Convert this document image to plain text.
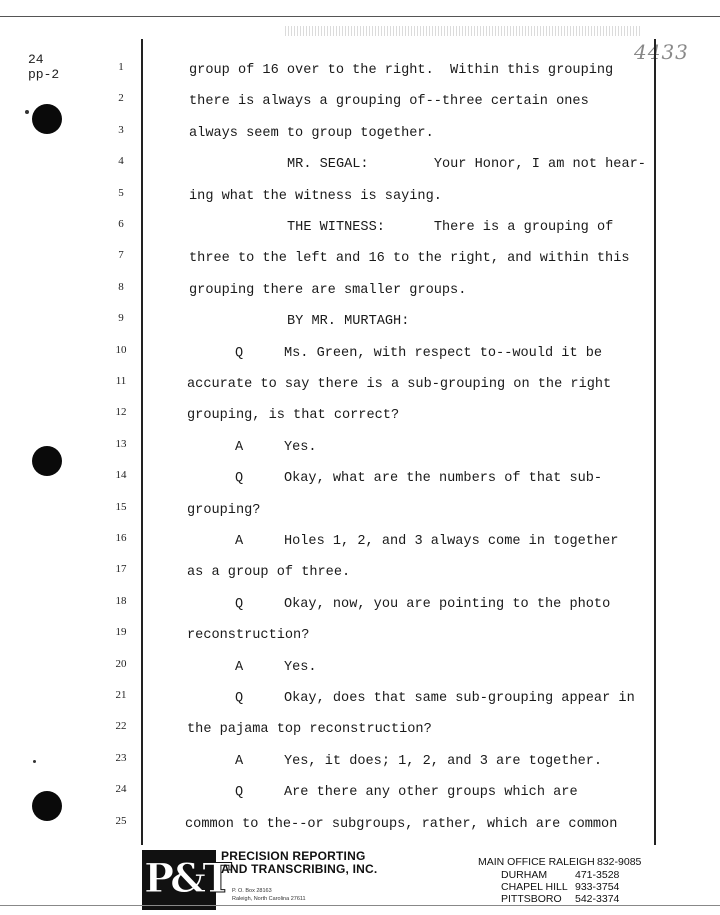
4433
24
pp-2	1
2
3
4
5
6
7
8
9
10
11
12
13
14
15
16
17
18
19
20
21
22
23
24
25
group of 16 over to the right.  Within this grouping
there is always a grouping of--three certain ones
always seem to group together.
MR. SEGAL:        Your Honor, I am not hear-
ing what the witness is saying.
THE WITNESS:      There is a grouping of
three to the left and 16 to the right, and within this
grouping there are smaller groups.
BY MR. MURTAGH:
Q     Ms. Green, with respect to--would it be
accurate to say there is a sub-grouping on the right
grouping, is that correct?
A     Yes.
Q     Okay, what are the numbers of that sub-
grouping?
A     Holes 1, 2, and 3 always come in together
as a group of three.
Q     Okay, now, you are pointing to the photo
reconstruction?
A     Yes.
Q     Okay, does that same sub-grouping appear in
the pajama top reconstruction?
A     Yes, it does; 1, 2, and 3 are together.
Q     Are there any other groups which are
common to the--or subgroups, rather, which are common
P&T
PRECISION REPORTING
AND TRANSCRIBING, INC.
P. O. Box 28163
Raleigh, North Carolina 27611
MAIN OFFICE RALEIGH 832-9085
DURHAM	471-3528
CHAPEL HILL 933-3754
PITTSBORO 542-3374
